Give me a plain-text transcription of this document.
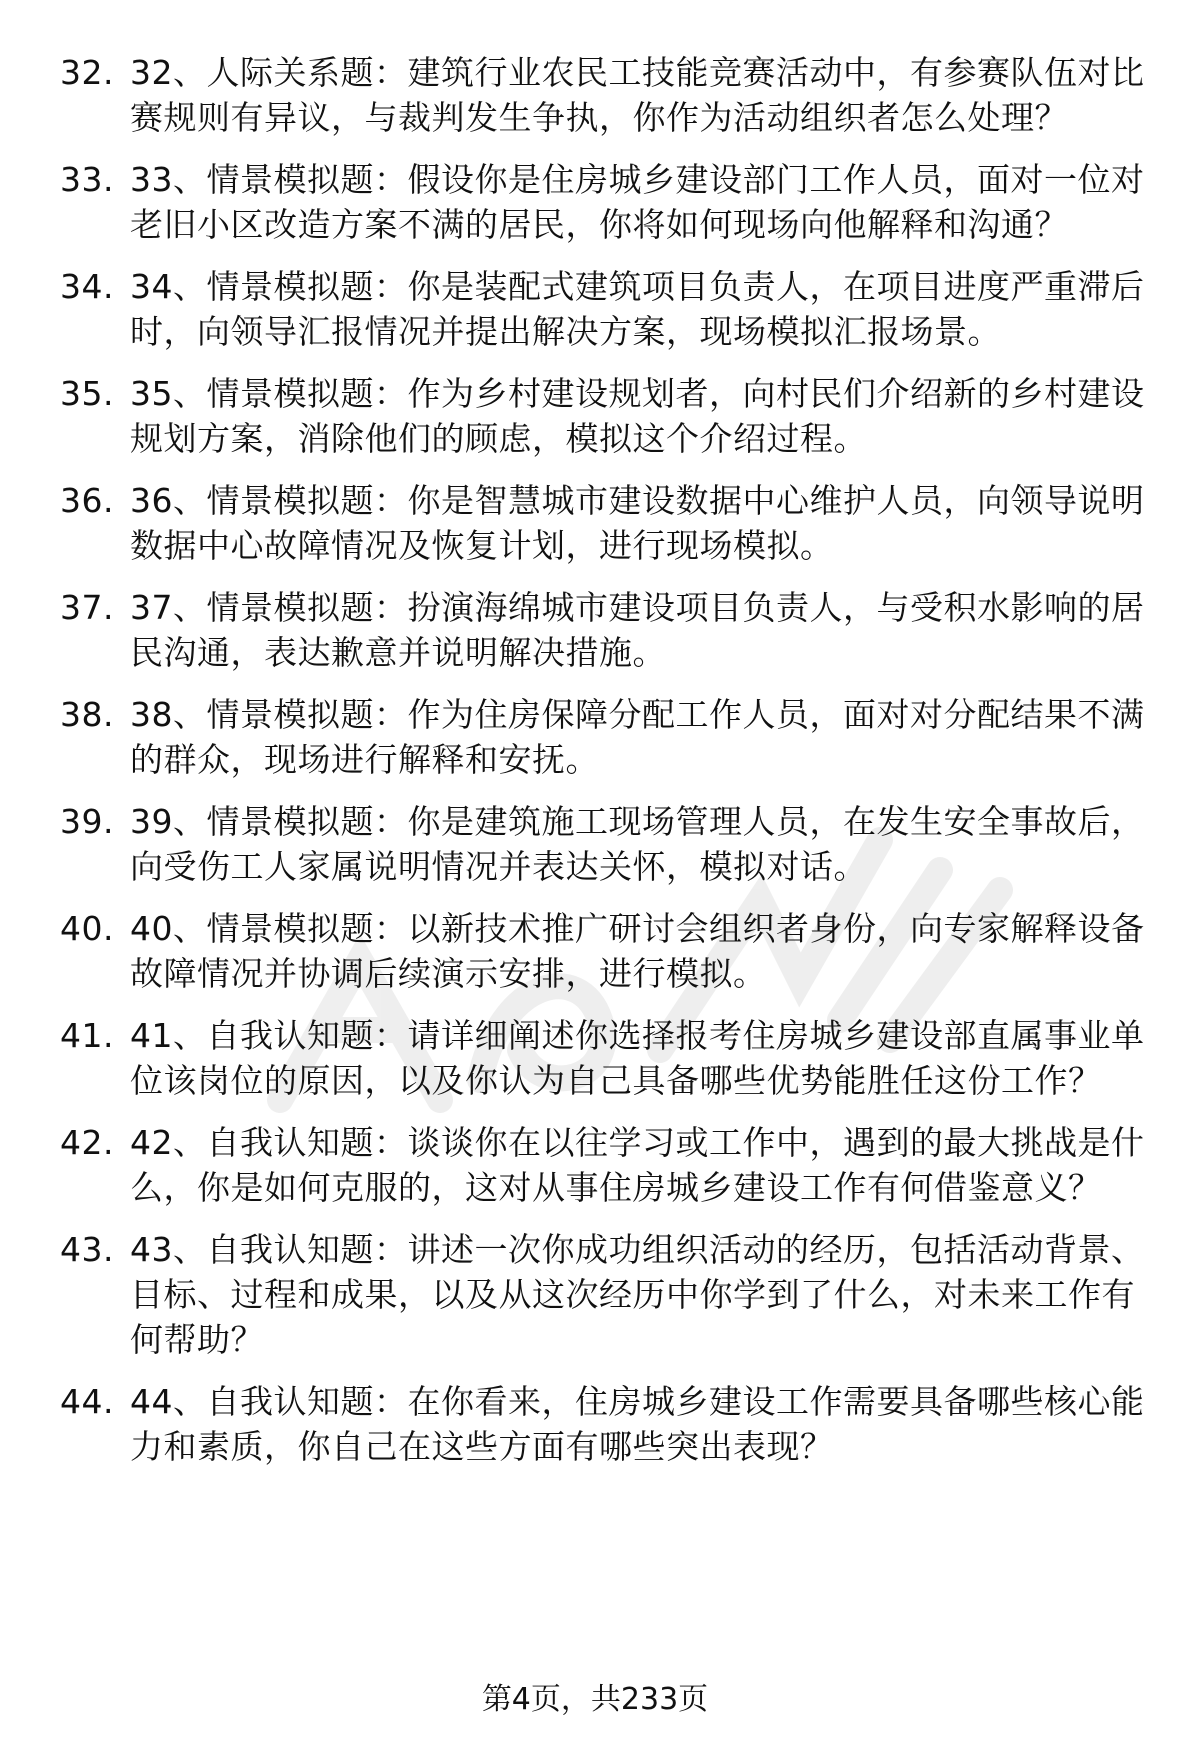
32. 32、人际关系题：建筑行业农民工技能竞赛活动中，有参赛队伍对比赛规则有异议，与裁判发生争执，你作为活动组织者怎么处理？
33. 33、情景模拟题：假设你是住房城乡建设部门工作人员，面对一位对老旧小区改造方案不满的居民，你将如何现场向他解释和沟通？
34. 34、情景模拟题：你是装配式建筑项目负责人，在项目进度严重滞后时，向领导汇报情况并提出解决方案，现场模拟汇报场景。
35. 35、情景模拟题：作为乡村建设规划者，向村民们介绍新的乡村建设规划方案，消除他们的顾虑，模拟这个介绍过程。
36. 36、情景模拟题：你是智慧城市建设数据中心维护人员，向领导说明数据中心故障情况及恢复计划，进行现场模拟。
37. 37、情景模拟题：扮演海绵城市建设项目负责人，与受积水影响的居民沟通，表达歉意并说明解决措施。
38. 38、情景模拟题：作为住房保障分配工作人员，面对对分配结果不满的群众，现场进行解释和安抚。
39. 39、情景模拟题：你是建筑施工现场管理人员，在发生安全事故后，向受伤工人家属说明情况并表达关怀，模拟对话。
40. 40、情景模拟题：以新技术推广研讨会组织者身份，向专家解释设备故障情况并协调后续演示安排，进行模拟。
41. 41、自我认知题：请详细阐述你选择报考住房城乡建设部直属事业单位该岗位的原因，以及你认为自己具备哪些优势能胜任这份工作？
42. 42、自我认知题：谈谈你在以往学习或工作中，遇到的最大挑战是什么，你是如何克服的，这对从事住房城乡建设工作有何借鉴意义？
43. 43、自我认知题：讲述一次你成功组织活动的经历，包括活动背景、目标、过程和成果，以及从这次经历中你学到了什么，对未来工作有何帮助？
44. 44、自我认知题：在你看来，住房城乡建设工作需要具备哪些核心能力和素质，你自己在这些方面有哪些突出表现？
第4页，共233页
